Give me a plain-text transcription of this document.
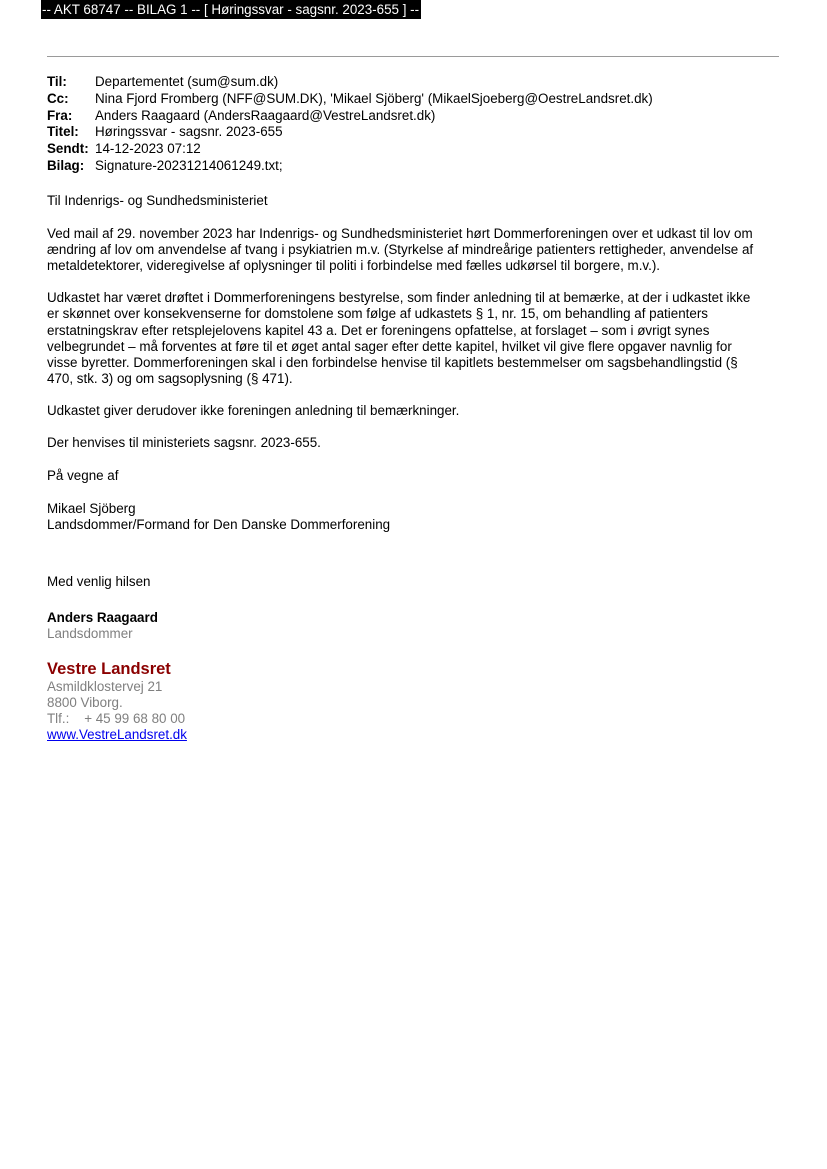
-- AKT 68747 -- BILAG 1 -- [ Høringssvar - sagsnr. 2023-655 ] --
Til: Departementet (sum@sum.dk)
Cc: Nina Fjord Fromberg (NFF@SUM.DK), 'Mikael Sjöberg' (MikaelSjoeberg@OestreLandsret.dk)
Fra: Anders Raagaard (AndersRaagaard@VestreLandsret.dk)
Titel: Høringssvar - sagsnr. 2023-655
Sendt: 14-12-2023 07:12
Bilag: Signature-20231214061249.txt;

Til Indenrigs- og Sundhedsministeriet

Ved mail af 29. november 2023 har Indenrigs- og Sundhedsministeriet hørt Dommerforeningen over et udkast til lov om
ændring af lov om anvendelse af tvang i psykiatrien m.v. (Styrkelse af mindreårige patienters rettigheder, anvendelse af
metaldetektorer, videregivelse af oplysninger til politi i forbindelse med fælles udkørsel til borgere, m.v.).
Udkastet har været drøftet i Dommerforeningens bestyrelse, som finder anledning til at bemærke, at der i udkastet ikke
er skønnet over konsekvenserne for domstolene som følge af udkastets § 1, nr. 15, om behandling af patienters
erstatningskrav efter retsplejelovens kapitel 43 a. Det er foreningens opfattelse, at forslaget – som i øvrigt synes
velbegrundet – må forventes at føre til et øget antal sager efter dette kapitel, hvilket vil give flere opgaver navnlig for
visse byretter. Dommerforeningen skal i den forbindelse henvise til kapitlets bestemmelser om sagsbehandlingstid (§
470, stk. 3) og om sagsoplysning (§ 471).

Udkastet giver derudover ikke foreningen anledning til bemærkninger.

Der henvises til ministeriets sagsnr. 2023-655.

På vegne af

Mikael Sjöberg

Landsdommer/Formand for Den Danske Dommerforening

Med venlig hilsen

Anders Raagaard

Landsdommer

Vestre Landsret
Asmildklostervej 21
8800 Viborg.
Tlf.:    + 45 99 68 80 00
www.VestreLandsret.dk
